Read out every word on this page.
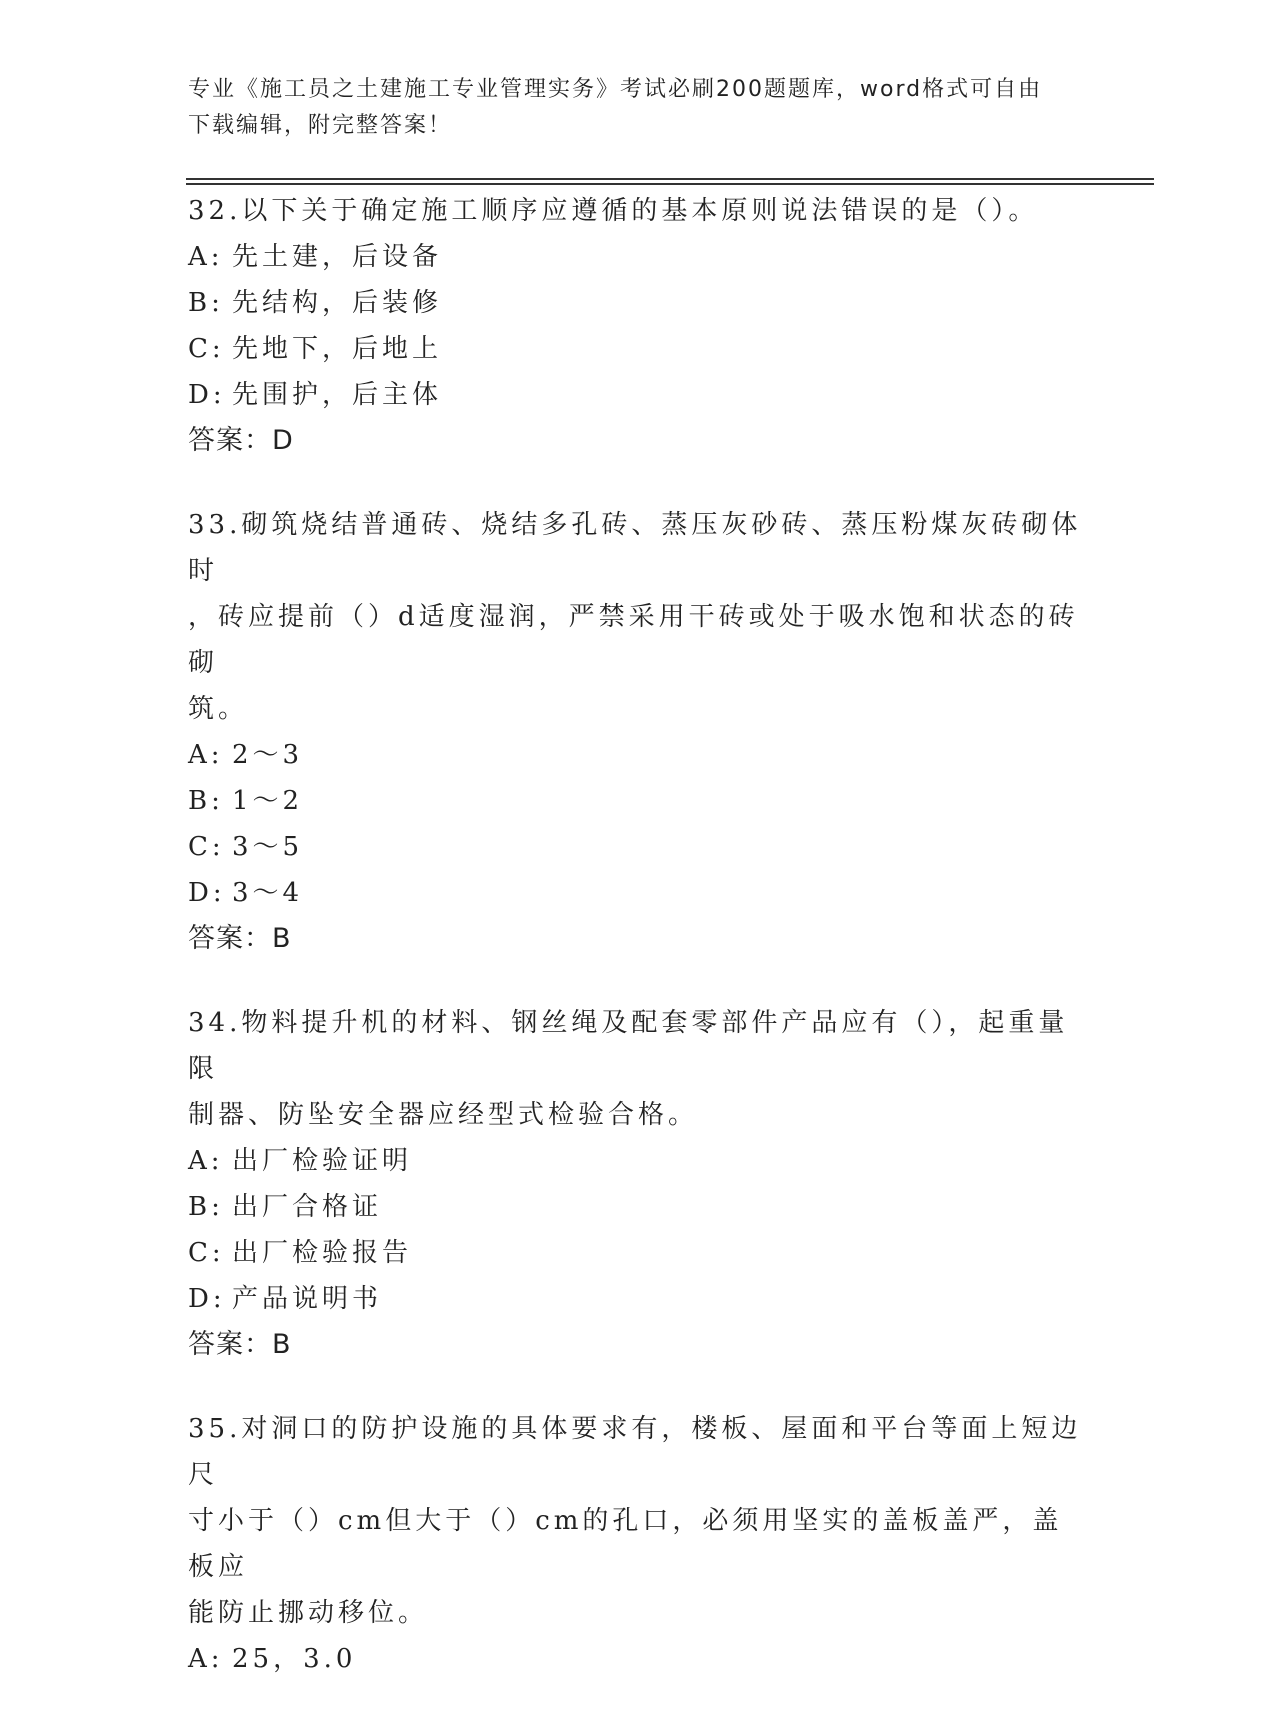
专业《施工员之土建施工专业管理实务》考试必刷200题题库，word格式可自由
下载编辑，附完整答案！
32.以下关于确定施工顺序应遵循的基本原则说法错误的是（）。
A: 先土建，后设备
B: 先结构，后装修
C: 先地下，后地上
D: 先围护，后主体
答案：D
33.砌筑烧结普通砖、烧结多孔砖、蒸压灰砂砖、蒸压粉煤灰砖砌体时
，砖应提前（）d适度湿润，严禁采用干砖或处于吸水饱和状态的砖砌
筑。
A: 2～3
B: 1～2
C: 3～5
D: 3～4
答案：B
34.物料提升机的材料、钢丝绳及配套零部件产品应有（），起重量限
制器、防坠安全器应经型式检验合格。
A: 出厂检验证明
B: 出厂合格证
C: 出厂检验报告
D: 产品说明书
答案：B
35.对洞口的防护设施的具体要求有，楼板、屋面和平台等面上短边尺
寸小于（）cm但大于（）cm的孔口，必须用坚实的盖板盖严，盖板应
能防止挪动移位。
A: 25，3.0
